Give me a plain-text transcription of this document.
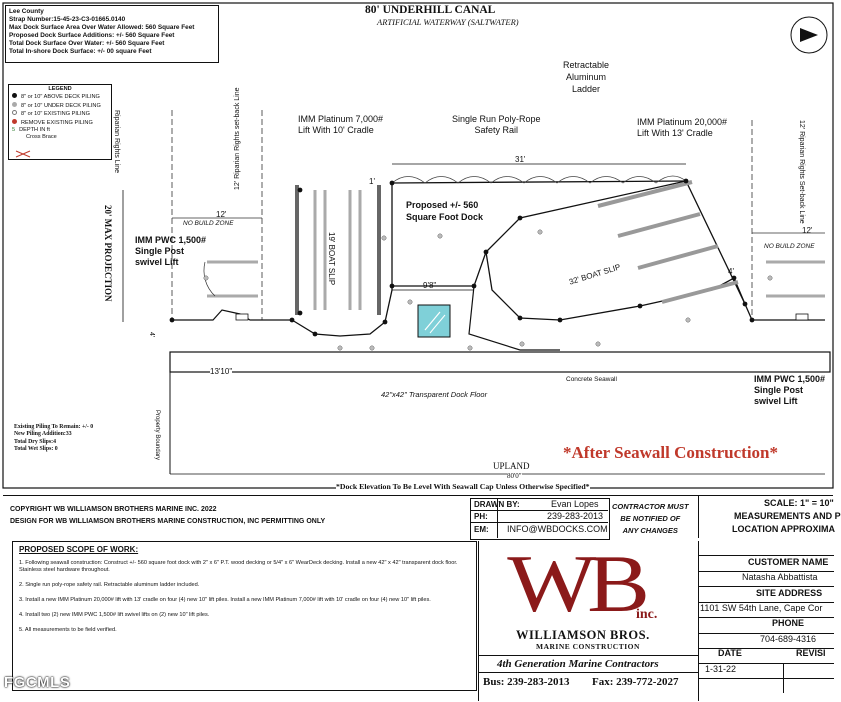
80' UNDERHILL CANAL
ARTIFICIAL WATERWAY (SALTWATER)
Lee County
Strap Number:15-45-23-C3-01665.0140
Max Dock Surface Area Over Water Allowed: 560 Square Feet
Proposed Dock Surface Additions: +/- 560 Square Feet
Total Dock Surface Over Water: +/- 560 Square Feet
Total In-shore Dock Surface: +/- 00 square Feet
LEGEND
8" or 10" ABOVE DECK PILING
8" or 10" UNDER DECK PILING
8" or 10" EXISTING PILING
REMOVE EXISTING PILING
5 DEPTH IN ft
Cross Brace	Riparian Rights Line	12' Riparian Rights set-back Line	12' Riparian Rights Set-back Line
20' MAX PROJECTION	19' BOAT SLIP	32' BOAT SLIP
Property Boundary
4'
IMM Platinum 7,000#
Lift With 10' Cradle
Single Run Poly-Rope
Safety Rail
Retractable
Aluminum
Ladder
IMM Platinum 20,000#
Lift With 13' Cradle
31'
1'
12'
NO BUILD ZONE
12'
NO BUILD ZONE
Proposed +/- 560
Square Foot Dock
IMM PWC 1,500#
Single Post
swivel Lift
4'
9'8"
13'10"
Concrete Seawall
42"x42" Transparent Dock Floor
IMM PWC 1,500#
Single Post
swivel Lift
*After Seawall Construction*
UPLAND
80'0"
*Dock Elevation To Be Level With Seawall Cap Unless Otherwise Specified*
Existing Piling To Remain: +/- 0
New Piling Addition:33
Total Dry Slips:4
Total Wet Slips: 0
COPYRIGHT WB WILLIAMSON BROTHERS MARINE INC. 2022
DESIGN FOR WB WILLIAMSON BROTHERS MARINE CONSTRUCTION, INC PERMITTING ONLY
DRAWN BY:	Evan Lopes
PH:	239-283-2013
EM: INFO@WBDOCKS.COM
CONTRACTOR MUST
BE NOTIFIED OF
ANY CHANGES
SCALE: 1" = 10"
MEASUREMENTS AND P
LOCATION APPROXIMA
PROPOSED SCOPE OF WORK:
1. Following seawall construction: Construct +/- 560 square foot dock with 2" x 6" P.T. wood decking or 5/4" x 6" WearDeck decking. Install a new 42" x 42" transparent dock floor. Stainless steel hardware throughout.
2. Single run poly-rope safety rail. Retractable aluminum ladder included.
3. Install a new IMM Platinum 20,000# lift with 13' cradle on four (4) new 10" lift piles. Install a new IMM Platinum 7,000# lift with 10' cradle on four (4) new 10" lift piles.
4. Install two (2) new IMM PWC 1,500# lift swivel lifts on (2) new 10" lift piles.
5. All measurements to be field verified.
WB
inc.
WILLIAMSON BROS.
MARINE CONSTRUCTION
4th Generation Marine Contractors
Bus: 239-283-2013 Fax: 239-772-2027
CUSTOMER NAME
Natasha Abbattista
SITE ADDRESS
1101 SW 54th Lane, Cape Cor
PHONE
704-689-4316
DATE	REVISI
1-31-22
FGCMLS
